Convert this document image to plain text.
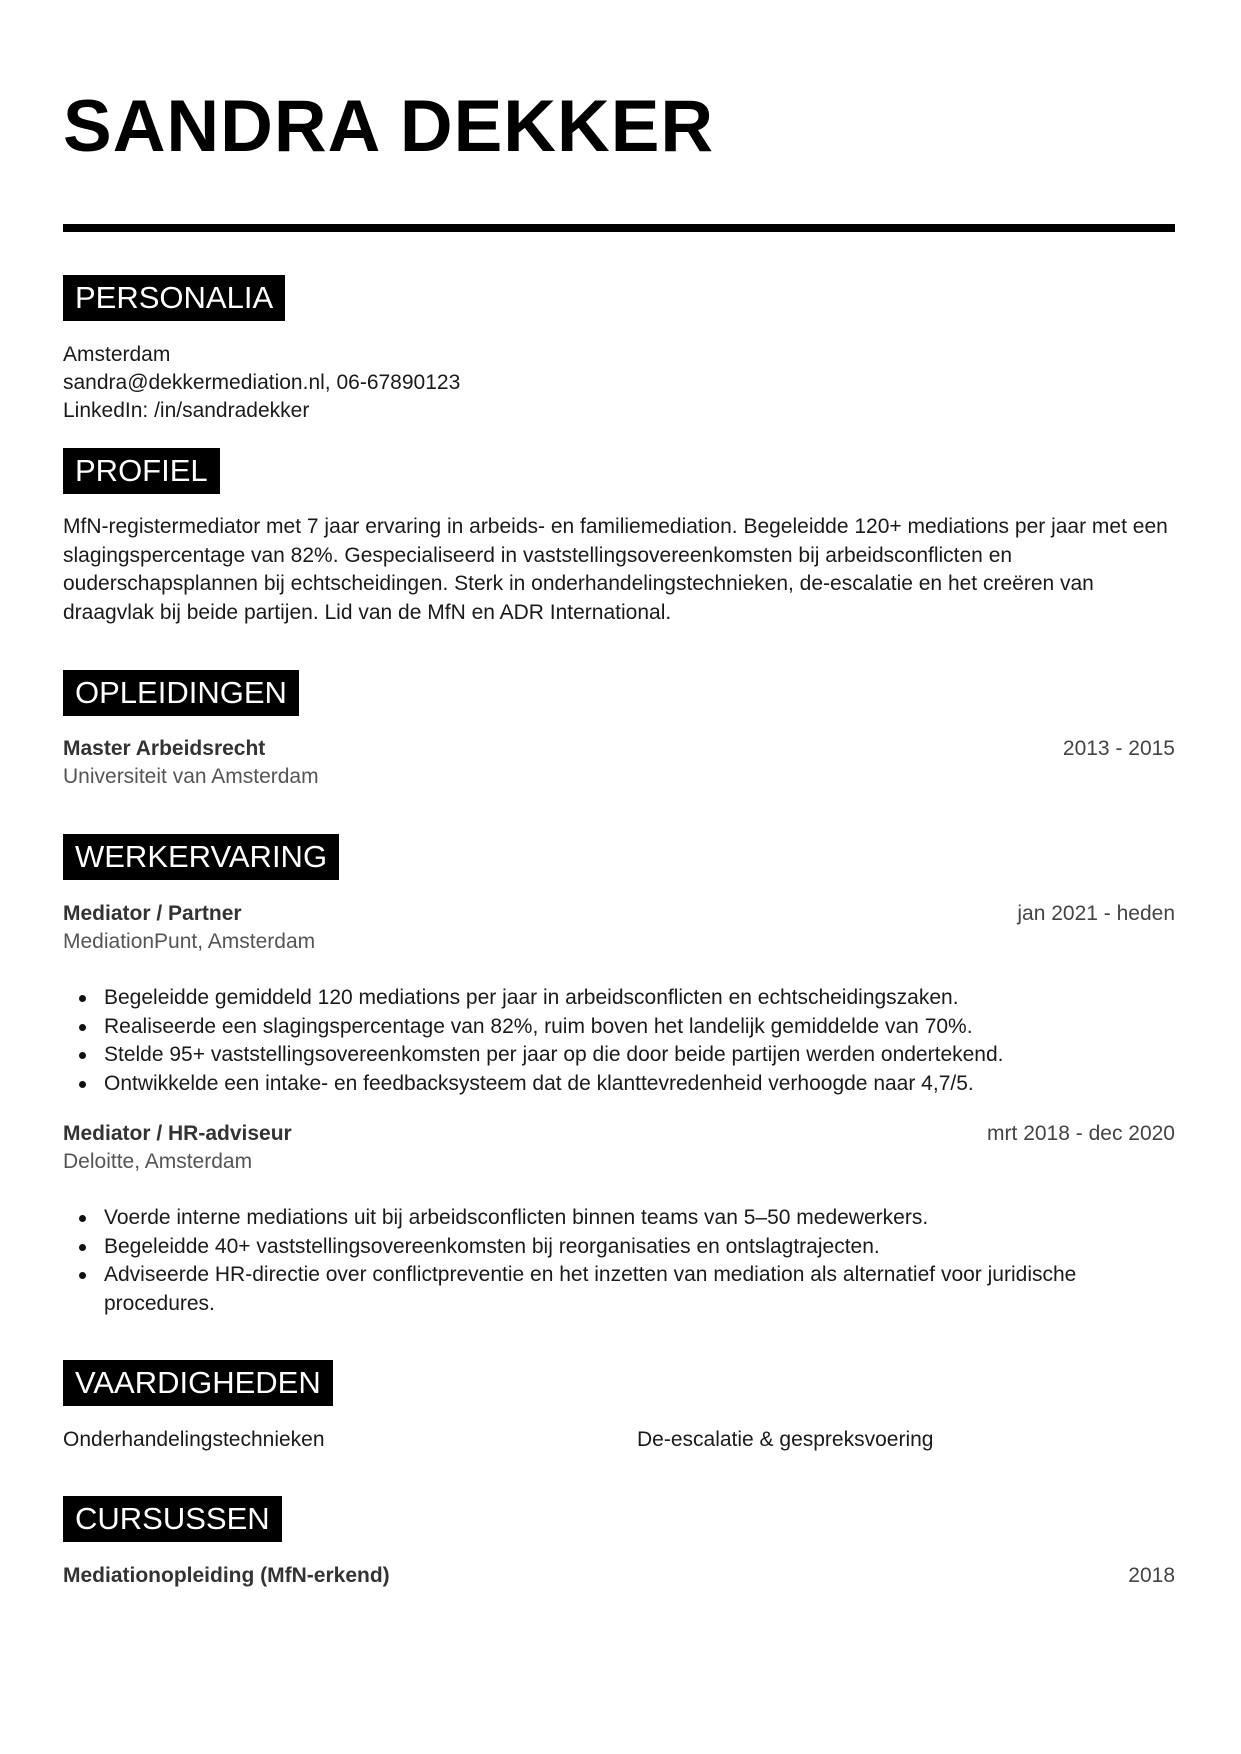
SANDRA DEKKER
PERSONALIA
Amsterdam
sandra@dekkermediation.nl, 06-67890123
LinkedIn: /in/sandradekker
PROFIEL
MfN-registermediator met 7 jaar ervaring in arbeids- en familiemediation. Begeleidde 120+ mediations per jaar met een slagingspercentage van 82%. Gespecialiseerd in vaststellingsovereenkomsten bij arbeidsconflicten en ouderschapsplannen bij echtscheidingen. Sterk in onderhandelingstechnieken, de-escalatie en het creëren van draagvlak bij beide partijen. Lid van de MfN en ADR International.
OPLEIDINGEN
Master Arbeidsrecht	2013 - 2015
Universiteit van Amsterdam
WERKERVARING
Mediator / Partner	jan 2021 - heden
MediationPunt, Amsterdam
Begeleidde gemiddeld 120 mediations per jaar in arbeidsconflicten en echtscheidingszaken.
Realiseerde een slagingspercentage van 82%, ruim boven het landelijk gemiddelde van 70%.
Stelde 95+ vaststellingsovereenkomsten per jaar op die door beide partijen werden ondertekend.
Ontwikkelde een intake- en feedbacksysteem dat de klanttevredenheid verhoogde naar 4,7/5.
Mediator / HR-adviseur	mrt 2018 - dec 2020
Deloitte, Amsterdam
Voerde interne mediations uit bij arbeidsconflicten binnen teams van 5–50 medewerkers.
Begeleidde 40+ vaststellingsovereenkomsten bij reorganisaties en ontslagtrajecten.
Adviseerde HR-directie over conflictpreventie en het inzetten van mediation als alternatief voor juridische procedures.
VAARDIGHEDEN
Onderhandelingstechnieken	De-escalatie & gespreksvoering
CURSUSSEN
Mediationopleiding (MfN-erkend)	2018
